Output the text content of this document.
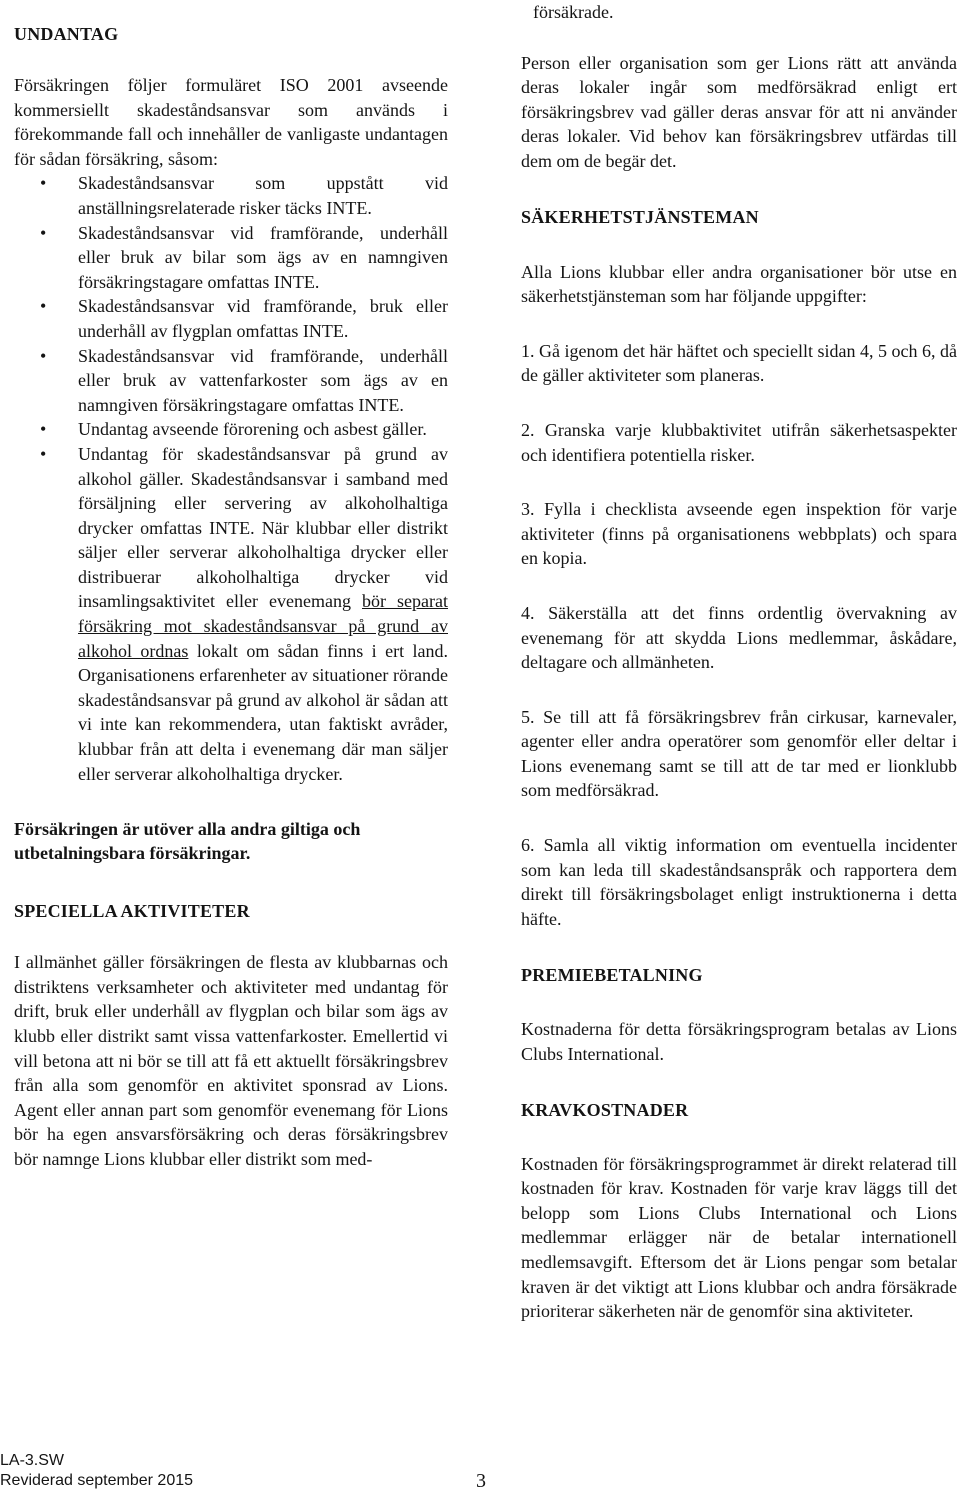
UNDANTAG

Försäkringen följer formuläret ISO 2001 avseende kommersiellt skadeståndsansvar som används i förekommande fall och innehåller de vanligaste undantagen för sådan försäkring, såsom:

• Skadeståndsansvar som uppstått vid anställningsrelaterade risker täcks INTE.
• Skadeståndsansvar vid framförande, underhåll eller bruk av bilar som ägs av en namngiven försäkringstagare omfattas INTE.
• Skadeståndsansvar vid framförande, bruk eller underhåll av flygplan omfattas INTE.
• Skadeståndsansvar vid framförande, underhåll eller bruk av vattenfarkoster som ägs av en namngiven försäkringstagare omfattas INTE.
• Undantag avseende förorening och asbest gäller.
• Undantag för skadeståndsansvar på grund av alkohol gäller. Skadeståndsansvar i samband med försäljning eller servering av alkoholhaltiga drycker omfattas INTE. När klubbar eller distrikt säljer eller serverar alkoholhaltiga drycker eller distribuerar alkoholhaltiga drycker vid insamlingsaktivitet eller evenemang bör separat försäkring mot skadeståndsansvar på grund av alkohol ordnas lokalt om sådan finns i ert land. Organisationens erfarenheter av situationer rörande skadeståndsansvar på grund av alkohol är sådan att vi inte kan rekommendera, utan faktiskt avråder, klubbar från att delta i evenemang där man säljer eller serverar alkoholhaltiga drycker.

Försäkringen är utöver alla andra giltiga och utbetalningsbara försäkringar.

SPECIELLA AKTIVITETER

I allmänhet gäller försäkringen de flesta av klubbarnas och distriktens verksamheter och aktiviteter med undantag för drift, bruk eller underhåll av flygplan och bilar som ägs av klubb eller distrikt samt vissa vattenfarkoster. Emellertid vi vill betona att ni bör se till att få ett aktuellt försäkringsbrev från alla som genomför en aktivitet sponsrad av Lions. Agent eller annan part som genomför evenemang för Lions bör ha egen ansvarsförsäkring och deras försäkringsbrev bör namnge Lions klubbar eller distrikt som med-

försäkrade.

Person eller organisation som ger Lions rätt att använda deras lokaler ingår som medförsäkrad enligt ert försäkringsbrev vad gäller deras ansvar för att ni använder deras lokaler. Vid behov kan försäkringsbrev utfärdas till dem om de begär det.

SÄKERHETSTJÄNSTEMAN

Alla Lions klubbar eller andra organisationer bör utse en säkerhetstjänsteman som har följande uppgifter:

1. Gå igenom det här häftet och speciellt sidan 4, 5 och 6, då de gäller aktiviteter som planeras.

2. Granska varje klubbaktivitet utifrån säkerhetsaspekter och identifiera potentiella risker.

3. Fylla i checklista avseende egen inspektion för varje aktiviteter (finns på organisationens webbplats) och spara en kopia.

4. Säkerställa att det finns ordentlig övervakning av evenemang för att skydda Lions medlemmar, åskådare, deltagare och allmänheten.

5. Se till att få försäkringsbrev från cirkusar, karnevaler, agenter eller andra operatörer som genomför eller deltar i Lions evenemang samt se till att de tar med er lionklubb som medförsäkrad.

6. Samla all viktig information om eventuella incidenter som kan leda till skadeståndsanspråk och rapportera dem direkt till försäkringsbolaget enligt instruktionerna i detta häfte.

PREMIEBETALNING

Kostnaderna för detta försäkringsprogram betalas av Lions Clubs International.

KRAVKOSTNADER

Kostnaden för försäkringsprogrammet är direkt relaterad till kostnaden för krav. Kostnaden för varje krav läggs till det belopp som Lions Clubs International och Lions medlemmar erlägger när de betalar internationell medlemsavgift. Eftersom det är Lions pengar som betalar kraven är det viktigt att Lions klubbar och andra försäkrade prioriterar säkerheten när de genomför sina aktiviteter.

LA-3.SW
Reviderad september 2015	3
